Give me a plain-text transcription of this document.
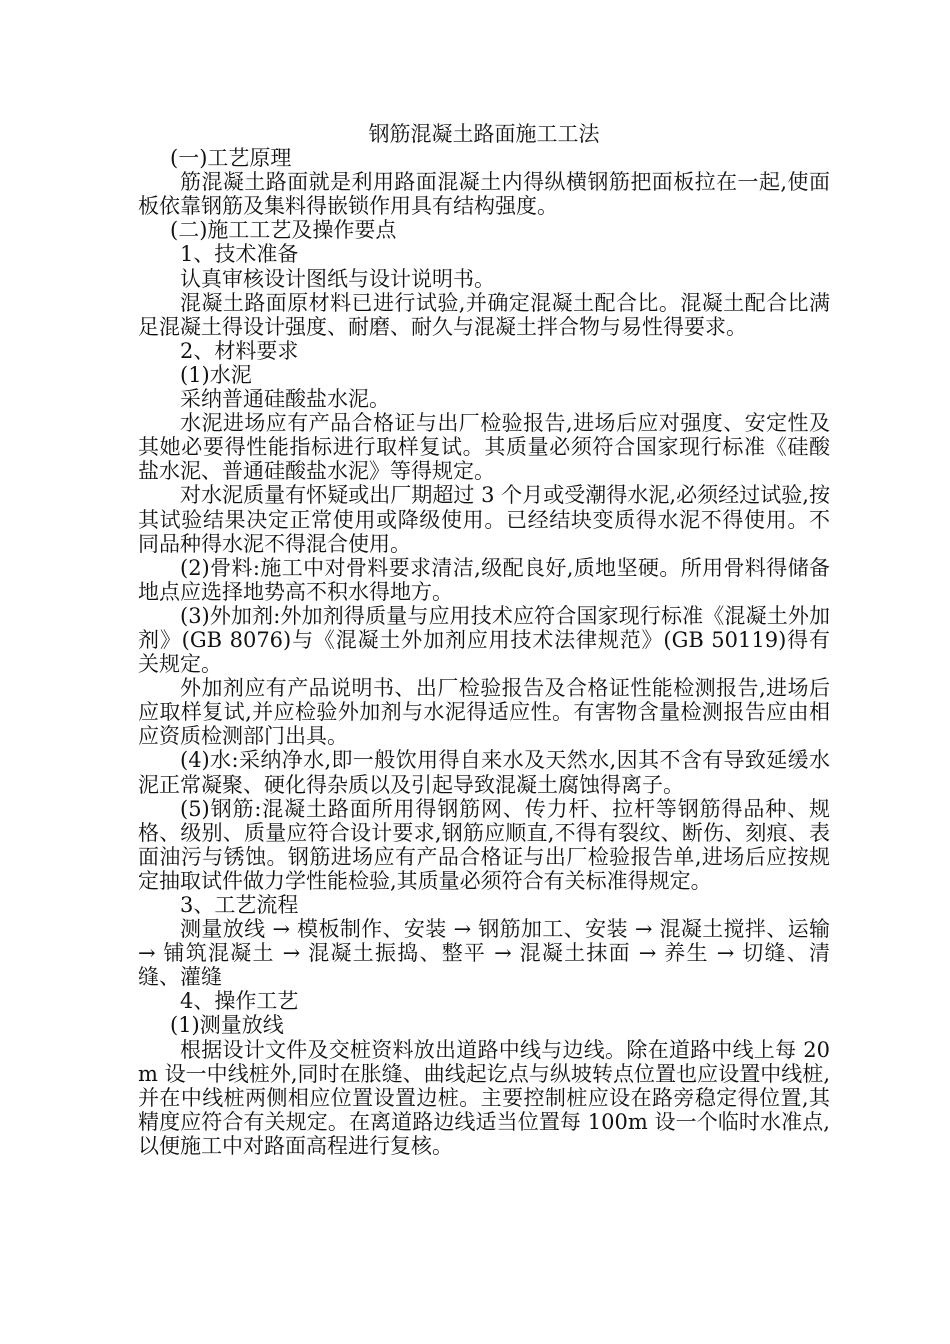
钢筋混凝土路面施工工法

(一)工艺原理

筋混凝土路面就是利用路面混凝土内得纵横钢筋把面板拉在一起,使面板依靠钢筋及集料得嵌锁作用具有结构强度。

(二)施工工艺及操作要点

1、技术准备

认真审核设计图纸与设计说明书。

混凝土路面原材料已进行试验,并确定混凝土配合比。混凝土配合比满足混凝土得设计强度、耐磨、耐久与混凝土拌合物与易性得要求。

2、材料要求

(1)水泥

采纳普通硅酸盐水泥。

水泥进场应有产品合格证与出厂检验报告,进场后应对强度、安定性及其她必要得性能指标进行取样复试。其质量必须符合国家现行标准《硅酸盐水泥、普通硅酸盐水泥》等得规定。

对水泥质量有怀疑或出厂期超过 3 个月或受潮得水泥,必须经过试验,按其试验结果决定正常使用或降级使用。已经结块变质得水泥不得使用。不同品种得水泥不得混合使用。

(2)骨料:施工中对骨料要求清洁,级配良好,质地坚硬。所用骨料得储备地点应选择地势高不积水得地方。

(3)外加剂:外加剂得质量与应用技术应符合国家现行标准《混凝土外加剂》(GB 8076)与《混凝土外加剂应用技术法律规范》(GB 50119)得有关规定。

外加剂应有产品说明书、出厂检验报告及合格证性能检测报告,进场后应取样复试,并应检验外加剂与水泥得适应性。有害物含量检测报告应由相应资质检测部门出具。

(4)水:采纳净水,即一般饮用得自来水及天然水,因其不含有导致延缓水泥正常凝聚、硬化得杂质以及引起导致混凝土腐蚀得离子。

(5)钢筋:混凝土路面所用得钢筋网、传力杆、拉杆等钢筋得品种、规格、级别、质量应符合设计要求,钢筋应顺直,不得有裂纹、断伤、刻痕、表面油污与锈蚀。钢筋进场应有产品合格证与出厂检验报告单,进场后应按规定抽取试件做力学性能检验,其质量必须符合有关标准得规定。

3、工艺流程

测量放线 → 模板制作、安装 → 钢筋加工、安装 → 混凝土搅拌、运输 → 铺筑混凝土 → 混凝土振捣、整平 → 混凝土抹面 → 养生 → 切缝、清缝、灌缝

4、操作工艺

(1)测量放线

根据设计文件及交桩资料放出道路中线与边线。除在道路中线上每 20m 设一中线桩外,同时在胀缝、曲线起讫点与纵坡转点位置也应设置中线桩,并在中线桩两侧相应位置设置边桩。主要控制桩应设在路旁稳定得位置,其精度应符合有关规定。在离道路边线适当位置每 100m 设一个临时水准点,以便施工中对路面高程进行复核。
